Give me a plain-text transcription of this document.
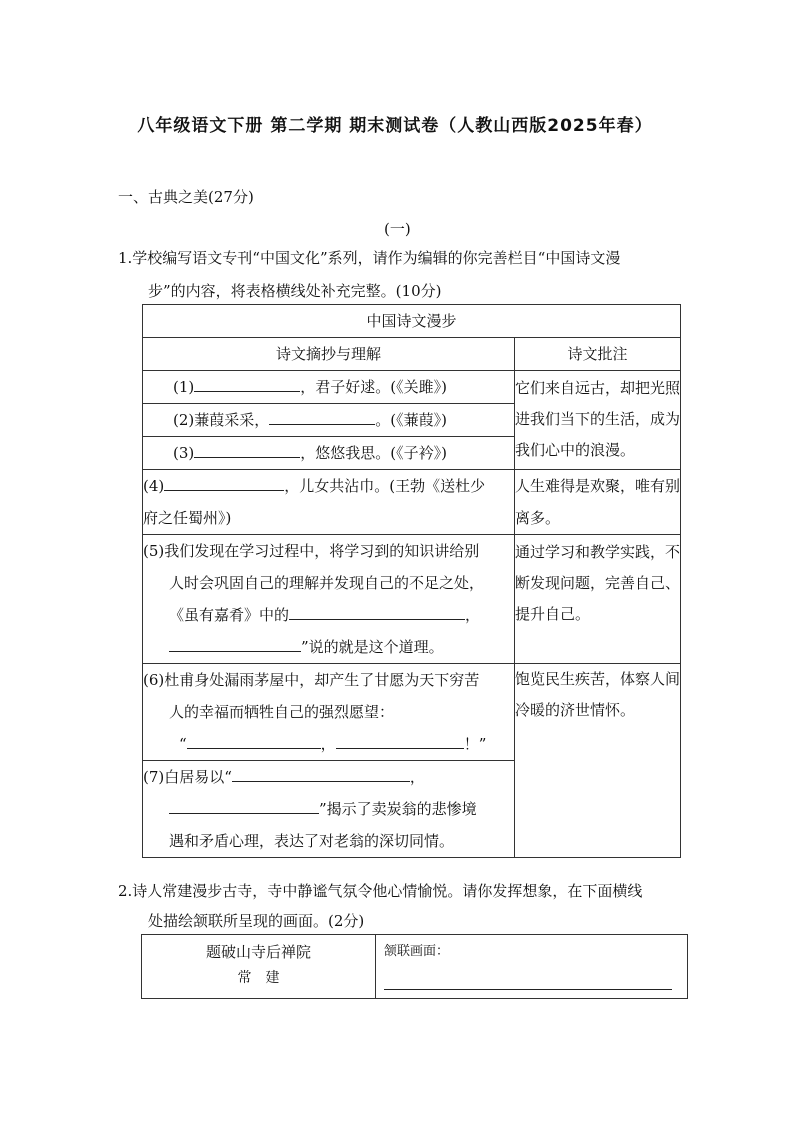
八年级语文下册 第二学期 期末测试卷（人教山西版2025年春）
一、古典之美(27分)
(一)
1.学校编写语文专刊“中国文化”系列，请作为编辑的你完善栏目“中国诗文漫
步”的内容，将表格横线处补充完整。(10分)
中国诗文漫步	
诗文摘抄与理解	诗文批注
(1) ，君子好逑。(《关雎》)	它们来自远古，却把光照进我们当下的生活，成为我们心中的浪漫。
(2)蒹葭采采， 。(《蒹葭》)	
(3) ，悠悠我思。(《子衿》)	

(4) ，儿女共沾巾。(王勃《送杜少
府之任蜀州》)	人生难得是欢聚，唯有别离多。

(5)我们发现在学习过程中，将学习到的知识讲给别
人时会巩固自己的理解并发现自己的不足之处，
《虽有嘉肴》中的 ，
”说的就是这个道理。	通过学习和教学实践，不断发现问题，完善自己、提升自己。

(6)杜甫身处漏雨茅屋中，却产生了甘愿为天下穷苦
人的幸福而牺牲自己的强烈愿望：
“ ， ！”	饱览民生疾苦，体察人间冷暖的济世情怀。

(7)白居易以“ ，
”揭示了卖炭翁的悲惨境
遇和矛盾心理，表达了对老翁的深切同情。	
2.诗人常建漫步古寺，寺中静谧气氛令他心情愉悦。请你发挥想象，在下面横线
处描绘颔联所呈现的画面。(2分)
题破山寺后禅院
常　建

颔联画面：
